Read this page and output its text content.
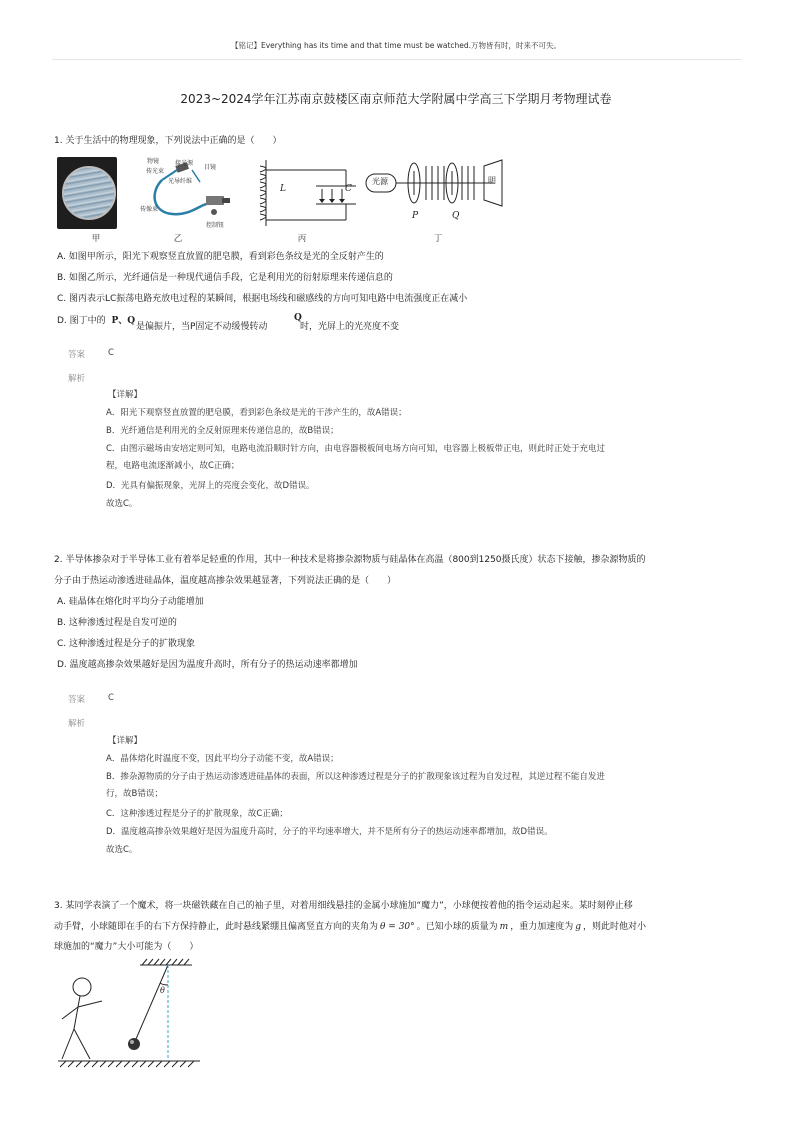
【铭记】Everything has its time and that time must be watched.万物皆有时，时来不可失。
2023~2024学年江苏南京鼓楼区南京师范大学附属中学高三下学期月考物理试卷
1. 关于生活中的物理现象，下列说法中正确的是（　　）
物镜	接光源
传光束
光导纤维
传像束
目镜
控制钮
L	C
光源	明
P	Q
甲	乙	丙	丁
A. 如图甲所示，阳光下观察竖直放置的肥皂膜，看到彩色条纹是光的全反射产生的
B. 如图乙所示，光纤通信是一种现代通信手段，它是利用光的衍射原理来传递信息的
C. 图丙表示LC振荡电路充放电过程的某瞬间，根据电场线和磁感线的方向可知电路中电流强度正在减小
D. 图丁中的 P、Q
是偏振片，当P固定不动缓慢转动
Q
时，光屏上的光亮度不变
答案	C
解析
【详解】
A．阳光下观察竖直放置的肥皂膜，看到彩色条纹是光的干涉产生的，故A错误；
B．光纤通信是利用光的全反射原理来传递信息的，故B错误；
C．由图示磁场由安培定则可知，电路电流沿顺时针方向，由电容器极板间电场方向可知，电容器上极板带正电，则此时正处于充电过
程，电路电流逐渐减小，故C正确；
D．光具有偏振现象，光屏上的亮度会变化，故D错误。
故选C。
2. 半导体掺杂对于半导体工业有着举足轻重的作用，其中一种技术是将掺杂源物质与硅晶体在高温（800到1250摄氏度）状态下接触，掺杂源物质的
分子由于热运动渗透进硅晶体，温度越高掺杂效果越显著，下列说法正确的是（　　）
A. 硅晶体在熔化时平均分子动能增加
B. 这种渗透过程是自发可逆的
C. 这种渗透过程是分子的扩散现象
D. 温度越高掺杂效果越好是因为温度升高时，所有分子的热运动速率都增加
答案	C
解析
【详解】
A．晶体熔化时温度不变，因此平均分子动能不变，故A错误；
B．掺杂源物质的分子由于热运动渗透进硅晶体的表面，所以这种渗透过程是分子的扩散现象该过程为自发过程，其逆过程不能自发进
行，故B错误；
C．这种渗透过程是分子的扩散现象，故C正确；
D．温度越高掺杂效果越好是因为温度升高时，分子的平均速率增大，并不是所有分子的热运动速率都增加，故D错误。
故选C。
3. 某同学表演了一个魔术，将一块磁铁藏在自己的袖子里，对着用细线悬挂的金属小球施加“魔力”，小球便按着他的指令运动起来。某时刻停止移
动手臂，小球随即在手的右下方保持静止，此时悬线紧绷且偏离竖直方向的夹角为 θ = 30° 。已知小球的质量为 m ，重力加速度为 g ，则此时他对小
球施加的“魔力”大小可能为（　　）
θ
